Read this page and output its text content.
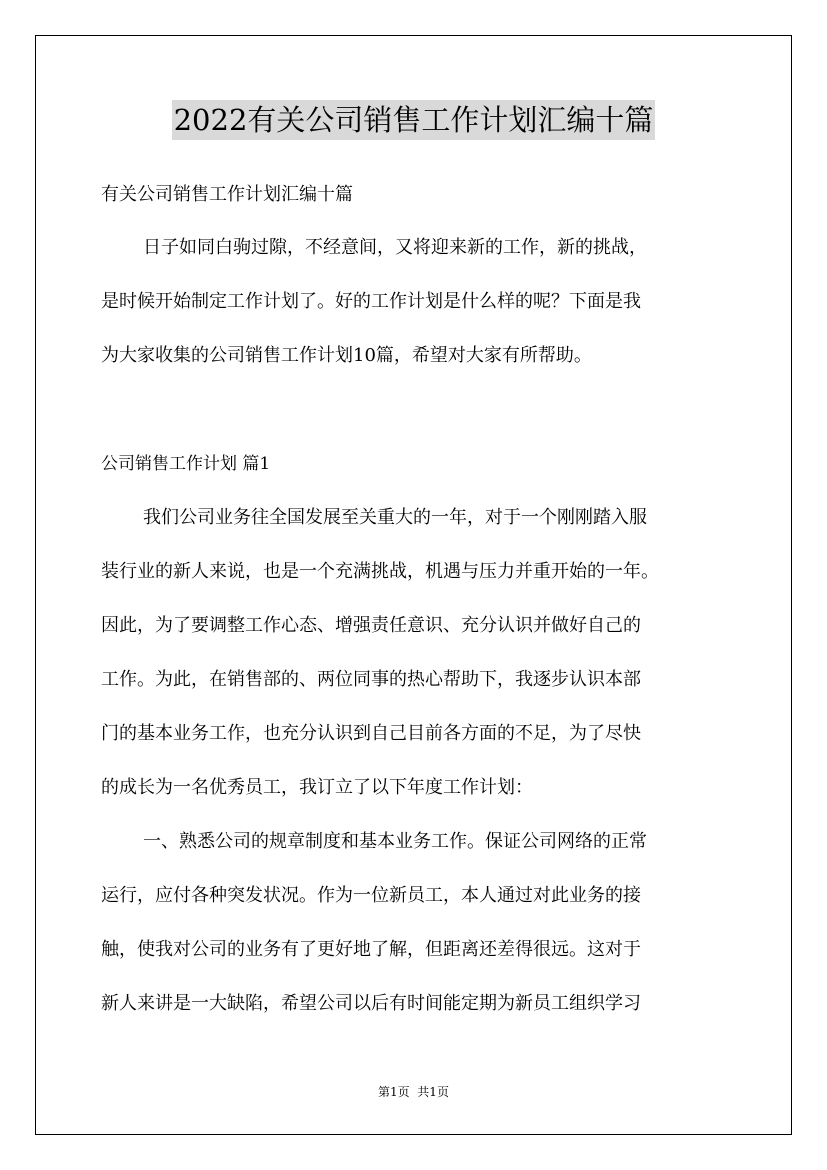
2022有关公司销售工作计划汇编十篇
有关公司销售工作计划汇编十篇
日子如同白驹过隙，不经意间，又将迎来新的工作，新的挑战，
是时候开始制定工作计划了。好的工作计划是什么样的呢？下面是我
为大家收集的公司销售工作计划10篇，希望对大家有所帮助。
公司销售工作计划 篇1
我们公司业务往全国发展至关重大的一年，对于一个刚刚踏入服
装行业的新人来说，也是一个充满挑战，机遇与压力并重开始的一年。
因此，为了要调整工作心态、增强责任意识、充分认识并做好自己的
工作。为此，在销售部的、两位同事的热心帮助下，我逐步认识本部
门的基本业务工作，也充分认识到自己目前各方面的不足，为了尽快
的成长为一名优秀员工，我订立了以下年度工作计划：
一、熟悉公司的规章制度和基本业务工作。保证公司网络的正常
运行，应付各种突发状况。作为一位新员工，本人通过对此业务的接
触，使我对公司的业务有了更好地了解，但距离还差得很远。这对于
新人来讲是一大缺陷，希望公司以后有时间能定期为新员工组织学习
第1页  共1页
